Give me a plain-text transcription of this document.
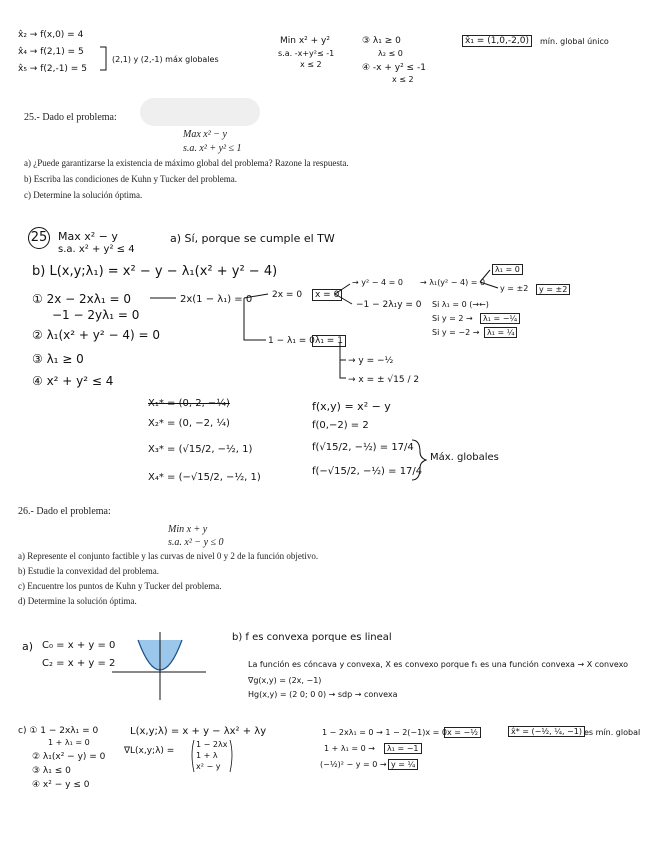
x̂₂ → f(x,0) = 4
x̂₄ → f(2,1) = 5
x̂₅ → f(2,-1) = 5
(2,1) y (2,-1) máx globales
Min x² + y²
s.a. -x+y²≤ -1
x ≤ 2
③ λ₁ ≥ 0
λ₂ ≤ 0
④ -x + y² ≤ -1
x ≤ 2
x̂₁ = (1,0,-2,0)	mín. global único
25.- Dado el problema:
Max x² − y
s.a. x² + y² ≤ 1
a) ¿Puede garantizarse la existencia de máximo global del problema? Razone la respuesta.
b) Escriba las condiciones de Kuhn y Tucker del problema.
c) Determine la solución óptima.
25 Max x² − y
s.a. x² + y² ≤ 4
a) Sí, porque se cumple el TW
b) L(x,y;λ₁) = x² − y − λ₁(x² + y² − 4)
① 2x − 2xλ₁ = 0
−1 − 2yλ₁ = 0
② λ₁(x² + y² − 4) = 0
③ λ₁ ≥ 0
④ x² + y² ≤ 4
2x(1 − λ₁) = 0 2x = 0	x = 0
1 − λ₁ = 0 λ₁ = 1
→ y = −½
→ x = ± √15 / 2
→ y² − 4 = 0 → λ₁(y² − 4) = 0
λ₁ = 0
y = ±2	y = ±2
−1 − 2λ₁y = 0 Si λ₁ = 0 (→←)
Si y = 2 →	λ₁ = −¼
Si y = −2 → λ₁ = ¼
X₁* = (0, 2, −¼)
X₂* = (0, −2, ¼)
X₃* = (√15/2, −½, 1)
X₄* = (−√15/2, −½, 1)
f(x,y) = x² − y
f(0,−2) = 2
f(√15/2, −½) = 17/4
f(−√15/2, −½) = 17/4
Máx. globales
26.- Dado el problema:
Min x + y
s.a. x² − y ≤ 0
a) Represente el conjunto factible y las curvas de nivel 0 y 2 de la función objetivo.
b) Estudie la convexidad del problema.
c) Encuentre los puntos de Kuhn y Tucker del problema.
d) Determine la solución óptima.
a) C₀ = x + y = 0
C₂ = x + y = 2
b) f es convexa porque es lineal
La función es cóncava y convexa, X es convexo porque f₁ es una función convexa → X convexo
∇g(x,y) = (2x, −1)
Hg(x,y) = (2 0; 0 0) → sdp → convexa
c) ① 1 − 2xλ₁ = 0
1 + λ₁ = 0
② λ₁(x² − y) = 0
③ λ₁ ≤ 0
④ x² − y ≤ 0
L(x,y;λ) = x + y − λx² + λy
∇L(x,y;λ) =
1 − 2λx
1 + λ
x² − y
1 − 2xλ₁ = 0 → 1 − 2(−1)x = 0 x = −½
1 + λ₁ = 0 →	λ₁ = −1
(−½)² − y = 0 → y = ¼
x̂* = (−½, ¼, −1) es mín. global
